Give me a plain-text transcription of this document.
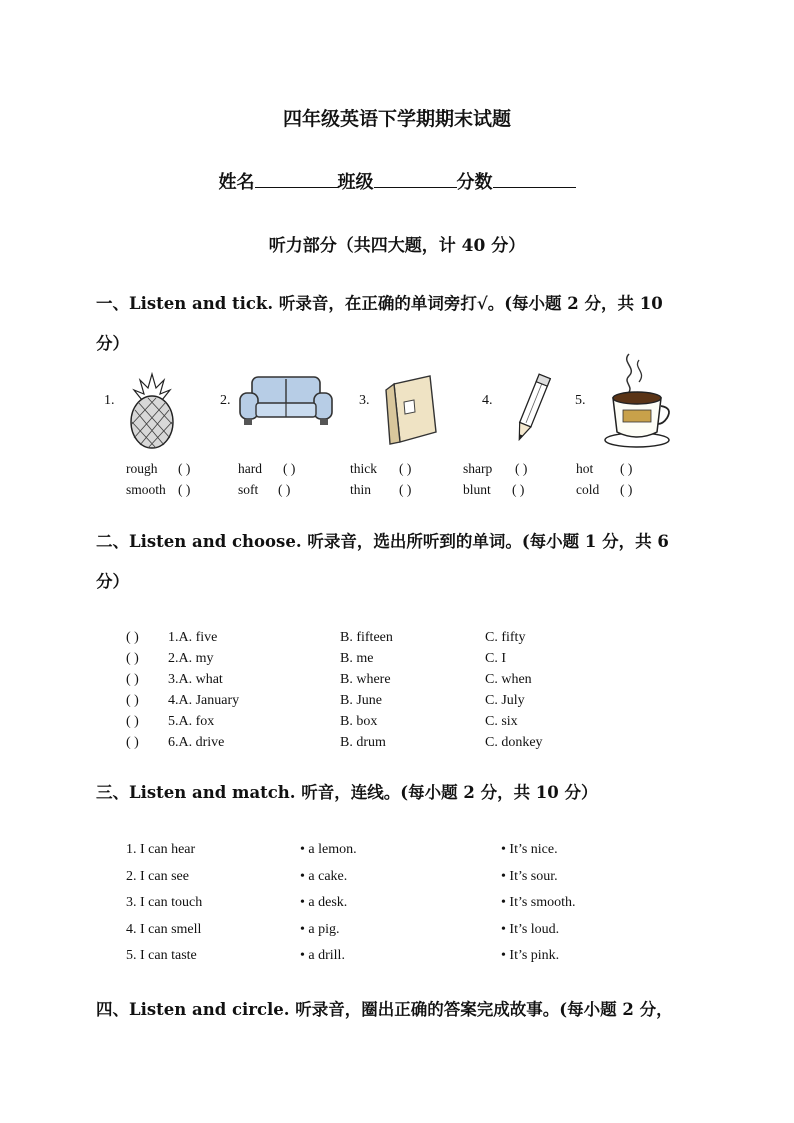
四年级英语下学期期末试题
姓名	班级	分数
听力部分（共四大题，计 40 分）
一、Listen and tick. 听录音，在正确的单词旁打√。(每小题 2 分，共 10
分）
1.	2.	3.	4.	5.
rough ( )	hard ( )	thick ( )	sharp ( )	hot ( )
smooth ( )	soft ( )	thin ( )	blunt ( )	cold ( )
二、Listen and choose. 听录音，选出所听到的单词。(每小题 1 分，共 6
分）
( )	1.A. five	B. fifteen	C. fifty
( )	2.A. my	B. me	C. I
( )	3.A. what	B. where	C. when
( )	4.A. January	B. June	C. July
( )	5.A. fox	B. box	C. six
( )	6.A. drive	B. drum	C. donkey
三、Listen and match. 听音，连线。(每小题 2 分，共 10 分）
1. I can hear	• a lemon.	• It’s nice.
2. I can see	• a cake.	• It’s sour.
3. I can touch	• a desk.	• It’s smooth.
4. I can smell	• a pig.	• It’s loud.
5. I can taste	• a drill.	• It’s pink.
四、Listen and circle. 听录音，圈出正确的答案完成故事。(每小题 2 分，
